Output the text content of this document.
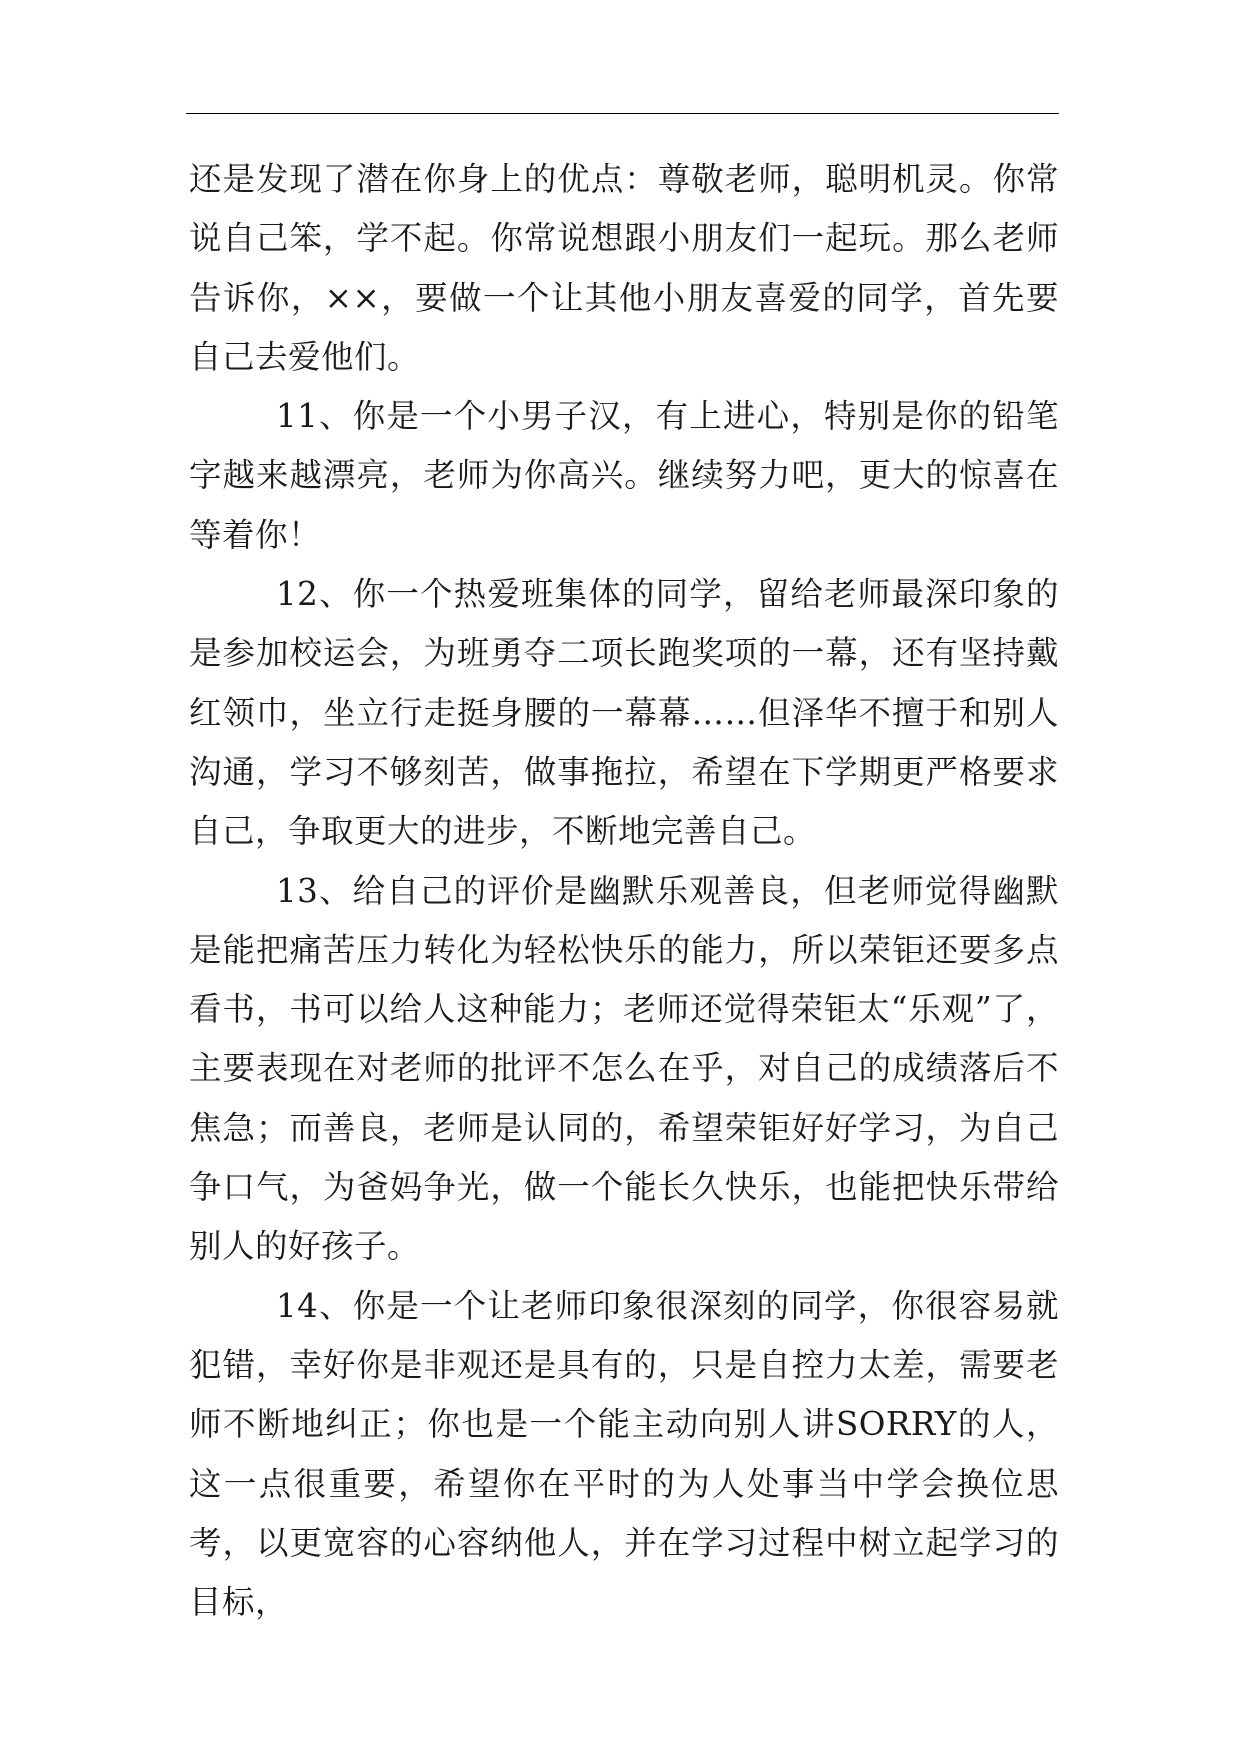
还是发现了潜在你身上的优点：尊敬老师，聪明机灵。你常说自己笨，学不起。你常说想跟小朋友们一起玩。那么老师告诉你，××，要做一个让其他小朋友喜爱的同学，首先要自己去爱他们。

11、你是一个小男子汉，有上进心，特别是你的铅笔字越来越漂亮，老师为你高兴。继续努力吧，更大的惊喜在等着你！

12、你一个热爱班集体的同学，留给老师最深印象的是参加校运会，为班勇夺二项长跑奖项的一幕，还有坚持戴红领巾，坐立行走挺身腰的一幕幕……但泽华不擅于和别人沟通，学习不够刻苦，做事拖拉，希望在下学期更严格要求自己，争取更大的进步，不断地完善自己。

13、给自己的评价是幽默乐观善良，但老师觉得幽默是能把痛苦压力转化为轻松快乐的能力，所以荣钜还要多点看书，书可以给人这种能力；老师还觉得荣钜太“乐观”了，主要表现在对老师的批评不怎么在乎，对自己的成绩落后不焦急；而善良，老师是认同的，希望荣钜好好学习，为自己争口气，为爸妈争光，做一个能长久快乐，也能把快乐带给别人的好孩子。

14、你是一个让老师印象很深刻的同学，你很容易就犯错，幸好你是非观还是具有的，只是自控力太差，需要老师不断地纠正；你也是一个能主动向别人讲SORRY的人，这一点很重要，希望你在平时的为人处事当中学会换位思考，以更宽容的心容纳他人，并在学习过程中树立起学习的目标，
